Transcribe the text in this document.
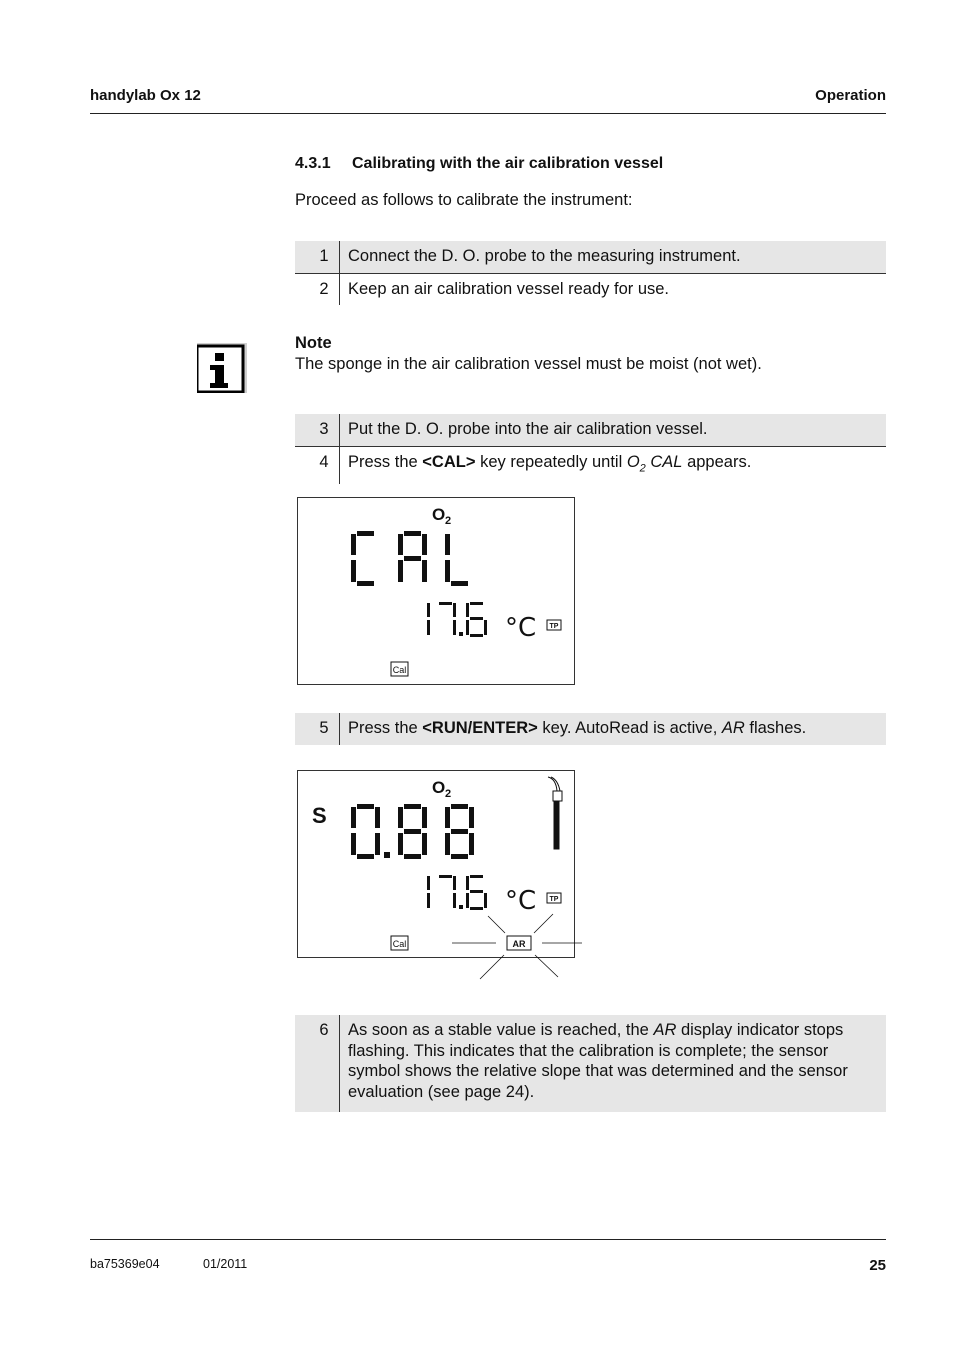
handylab Ox 12	Operation
4.3.1 Calibrating with the air calibration vessel
Proceed as follows to calibrate the instrument:
1	Connect the D. O. probe to the measuring instrument.
2	Keep an air calibration vessel ready for use.
Note
The sponge in the air calibration vessel must be moist (not wet).
3	Put the D. O. probe into the air calibration vessel.
4	Press the <CAL> key repeatedly until $O_2$ CAL appears.
O 2
°C TP
Cal
5	Press the <RUN/ENTER> key. AutoRead is active, AR flashes.
S
O 2
°C TP
Cal	AR
6	As soon as a stable value is reached, the AR display indicator stops flashing. This indicates that the calibration is complete; the sensor symbol shows the relative slope that was determined and the sensor evaluation (see page 24).
ba75369e04	01/2011	25
